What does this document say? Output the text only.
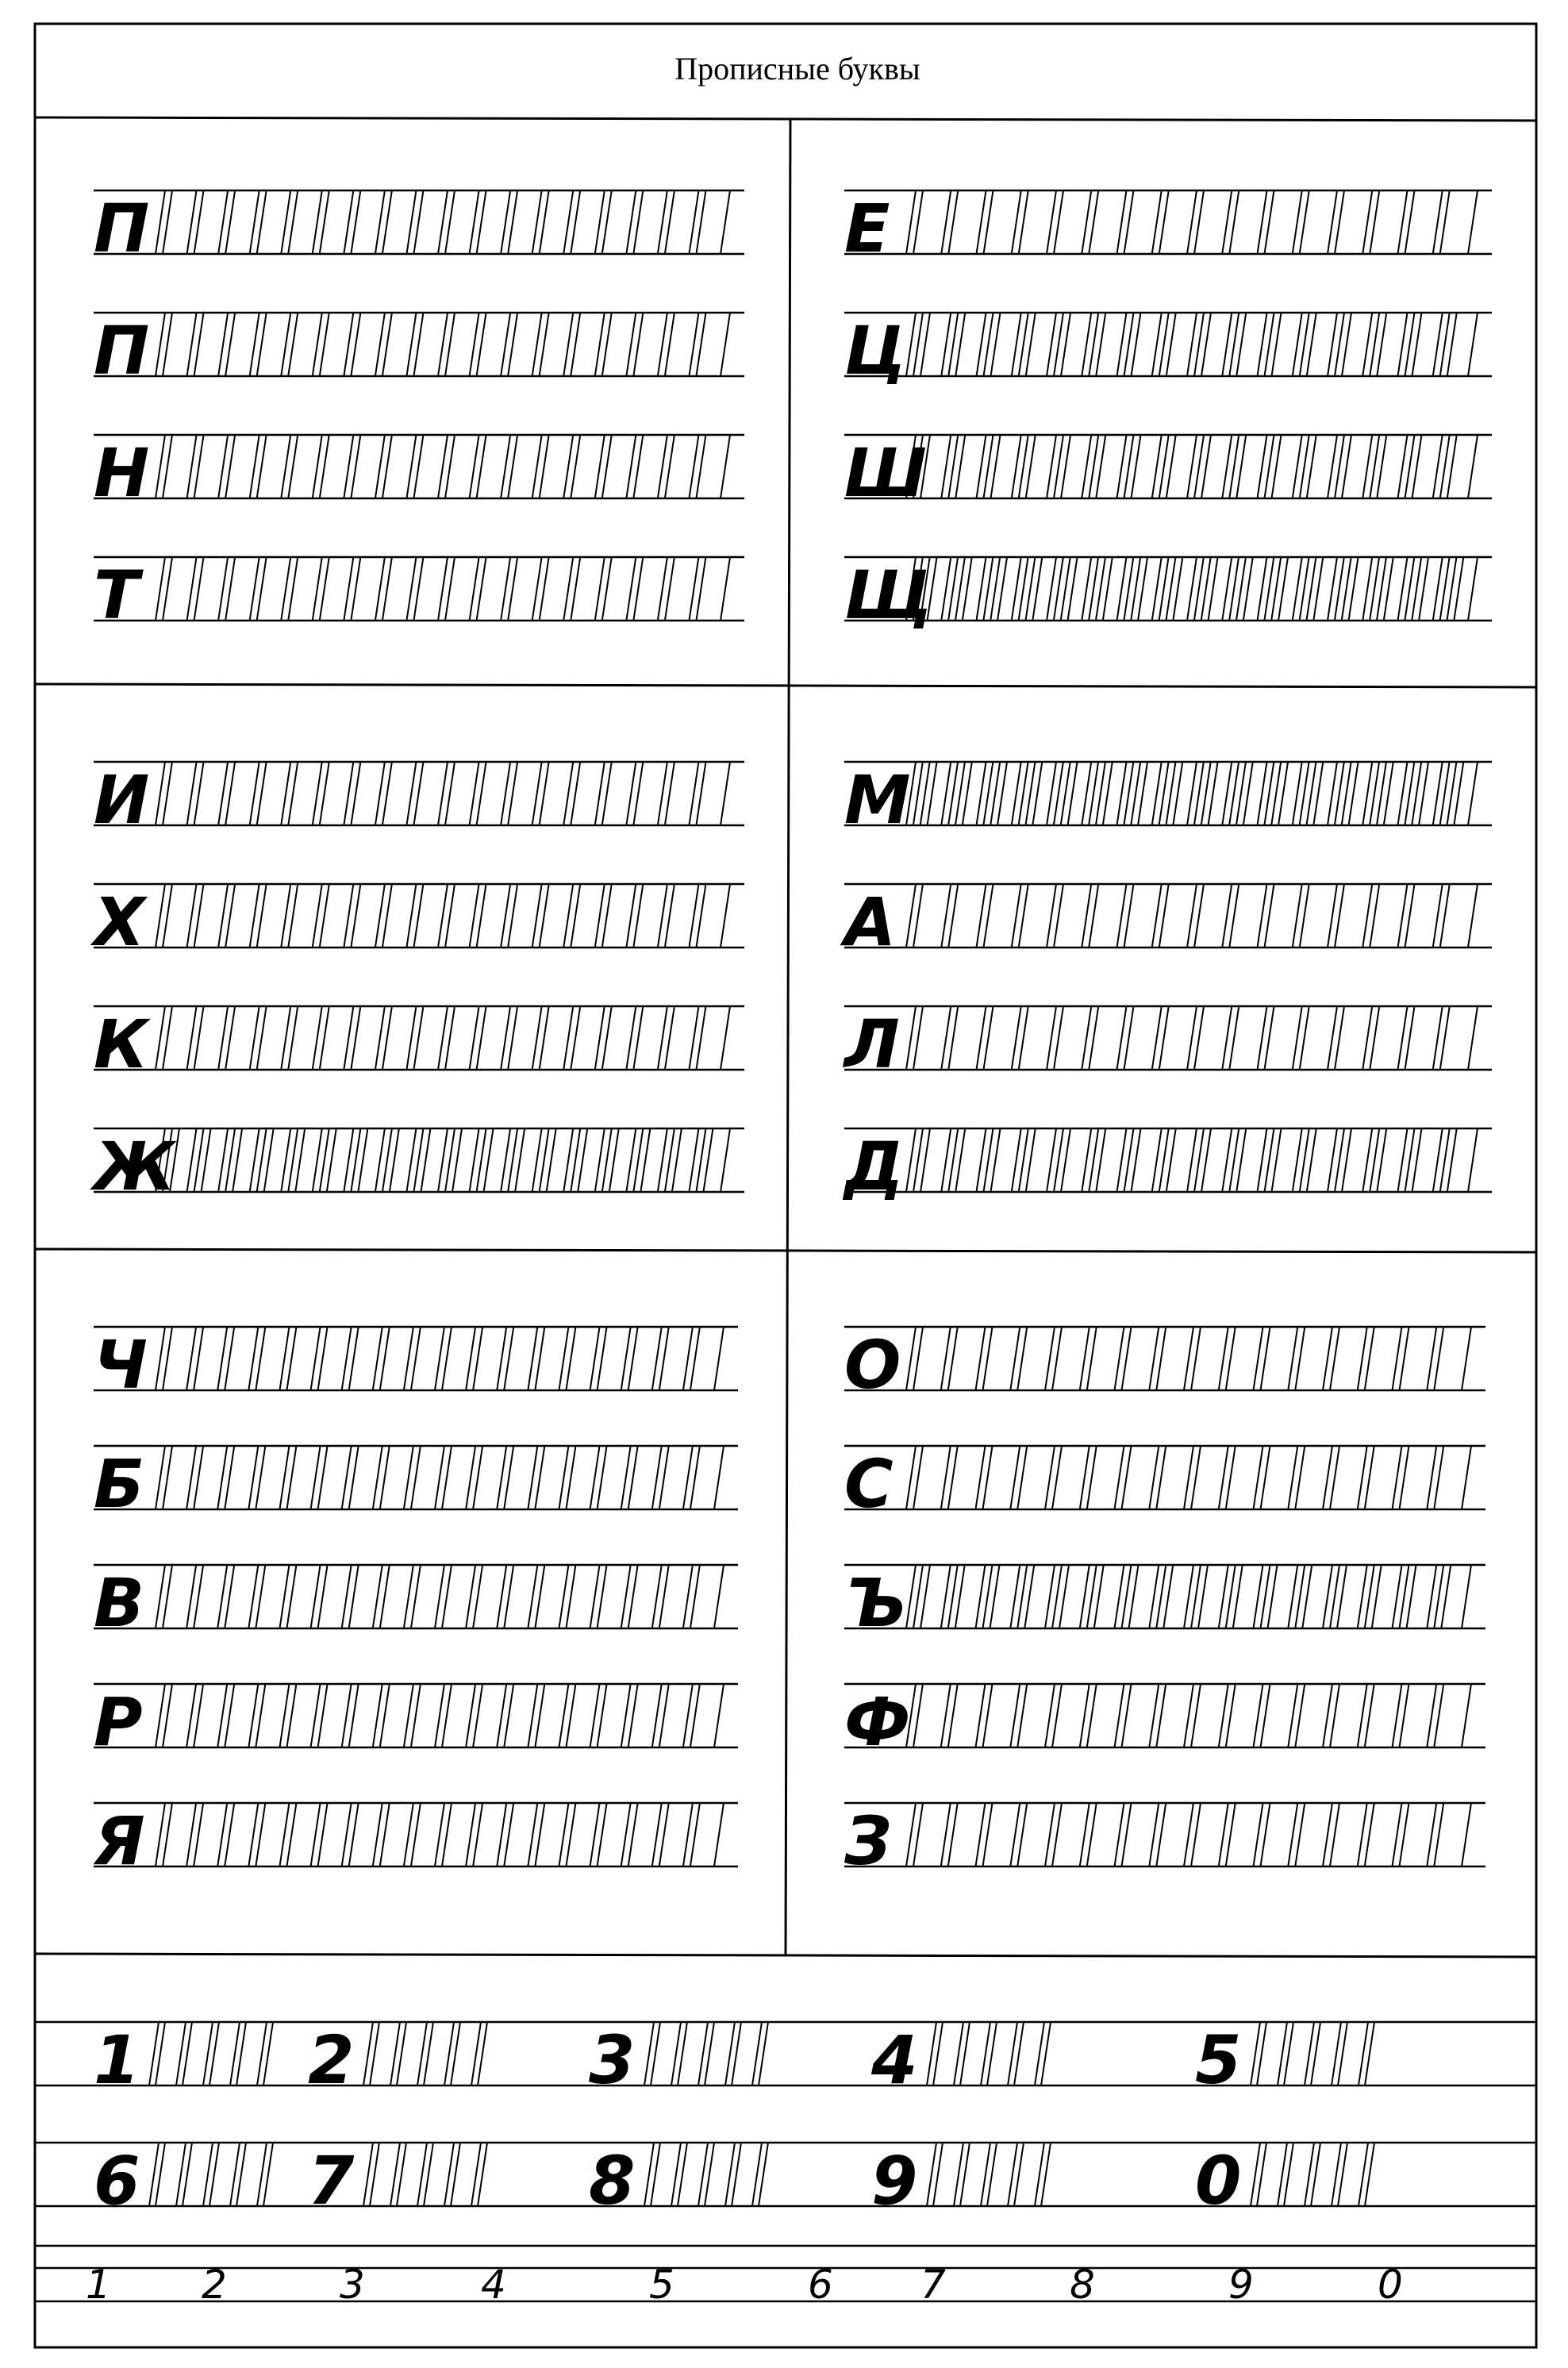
Прописные буквы
П
П
Н
Т
Е
Ц
Ш
Щ
И
Х
К
Ж
М
А
Л
Д
Ч
Б
В
Р
Я
О
С
Ъ
Ф
З
1	2	3	4	5
6	7	8	9	0
1 2	3	4	5	6 7	8	9	0
